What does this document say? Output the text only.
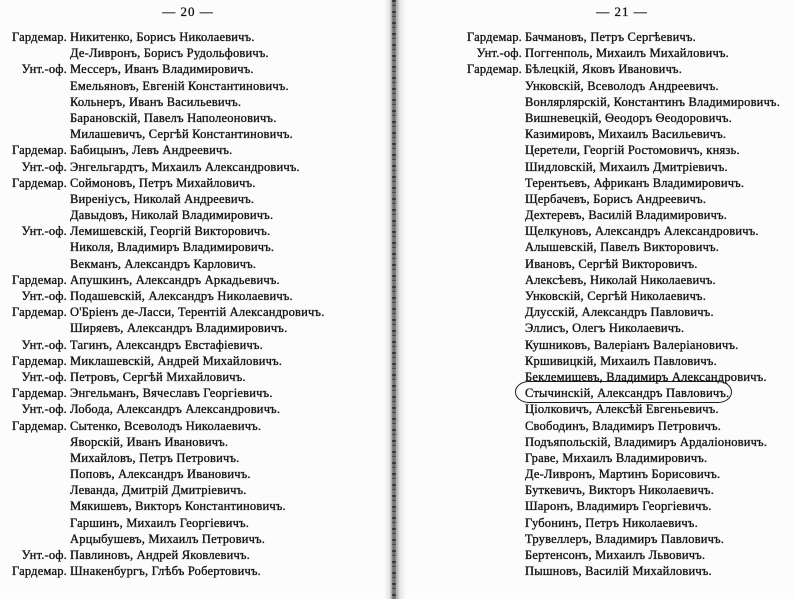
— 20 —
Гардемар. Никитенко, Борисъ Николаевичъ.
Де-Ливронъ, Борисъ Рудольфовичъ.
Унт.-оф. Мессеръ, Иванъ Владимировичъ.
Емельяновъ, Евгеній Константиновичъ.
Кольнеръ, Иванъ Васильевичъ.
Барановскій, Павелъ Наполеоновичъ.
Милашевичъ, Сергѣй Константиновичъ.
Гардемар. Бабицынъ, Левъ Андреевичъ.
Унт.-оф. Энгельгардтъ, Михаилъ Александровичъ.
Гардемар. Соймоновъ, Петръ Михайловичъ.
Виреніусъ, Николай Андреевичъ.
Давыдовъ, Николай Владимировичъ.
Унт.-оф. Лемишевскій, Георгій Викторовичъ.
Николя, Владимиръ Владимировичъ.
Векманъ, Александръ Карловичъ.
Гардемар. Апушкинъ, Александръ Аркадьевичъ.
Унт.-оф. Подашевскій, Александръ Николаевичъ.
Гардемар. О'Бріенъ де-Ласси, Терентій Александровичъ.
Ширяевъ, Александръ Владимировичъ.
Унт.-оф. Тагинъ, Александръ Евстафіевичъ.
Гардемар. Миклашевскій, Андрей Михайловичъ.
Унт.-оф. Петровъ, Сергѣй Михайловичъ.
Гардемар. Энгельманъ, Вячеславъ Георгіевичъ.
Унт.-оф. Лобода, Александръ Александровичъ.
Гардемар. Сытенко, Всеволодъ Николаевичъ.
Яворскій, Иванъ Ивановичъ.
Михайловъ, Петръ Петровичъ.
Поповъ, Александръ Ивановичъ.
Леванда, Дмитрій Дмитріевичъ.
Мякишевъ, Викторъ Константиновичъ.
Гаршинъ, Михаилъ Георгіевичъ.
Арцыбушевъ, Михаилъ Петровичъ.
Унт.-оф. Павлиновъ, Андрей Яковлевичъ.
Гардемар. Шнакенбургъ, Глѣбъ Робертовичъ.
— 21 —
Гардемар. Бачмановъ, Петръ Сергѣевичъ.
Унт.-оф. Поггенполь, Михаилъ Михайловичъ.
Гардемар. Бѣлецкій, Яковъ Ивановичъ.
Унковскій, Всеволодъ Андреевичъ.
Вонлярлярскій, Константинъ Владимировичъ.
Вишневецкій, Ѳеодоръ Ѳеодоровичъ.
Казимировъ, Михаилъ Васильевичъ.
Церетели, Георгій Ростомовичъ, князь.
Шидловскій, Михаилъ Дмитріевичъ.
Терентьевъ, Африканъ Владимировичъ.
Щербачевъ, Борисъ Андреевичъ.
Дехтеревъ, Василій Владимировичъ.
Щелкуновъ, Александръ Александровичъ.
Алышевскій, Павелъ Викторовичъ.
Ивановъ, Сергѣй Викторовичъ.
Алексѣевъ, Николай Николаевичъ.
Унковскій, Сергѣй Николаевичъ.
Длусскій, Александръ Павловичъ.
Эллисъ, Олегъ Николаевичъ.
Кушниковъ, Валеріанъ Валеріановичъ.
Кршивицкій, Михаилъ Павловичъ.
Беклемишевъ, Владимиръ Александровичъ.
Стычинскій, Александръ Павловичъ.
Ціолковичъ, Алексѣй Евгеньевичъ.
Свободинъ, Владимиръ Петровичъ.
Подъяпольскій, Владимиръ Ардаліоновичъ.
Граве, Михаилъ Владимировичъ.
Де-Ливронъ, Мартинъ Борисовичъ.
Буткевичъ, Викторъ Николаевичъ.
Шаронъ, Владимиръ Георгіевичъ.
Губонинъ, Петръ Николаевичъ.
Трувеллеръ, Владимиръ Павловичъ.
Бертенсонъ, Михаилъ Львовичъ.
Пышновъ, Василій Михайловичъ.
